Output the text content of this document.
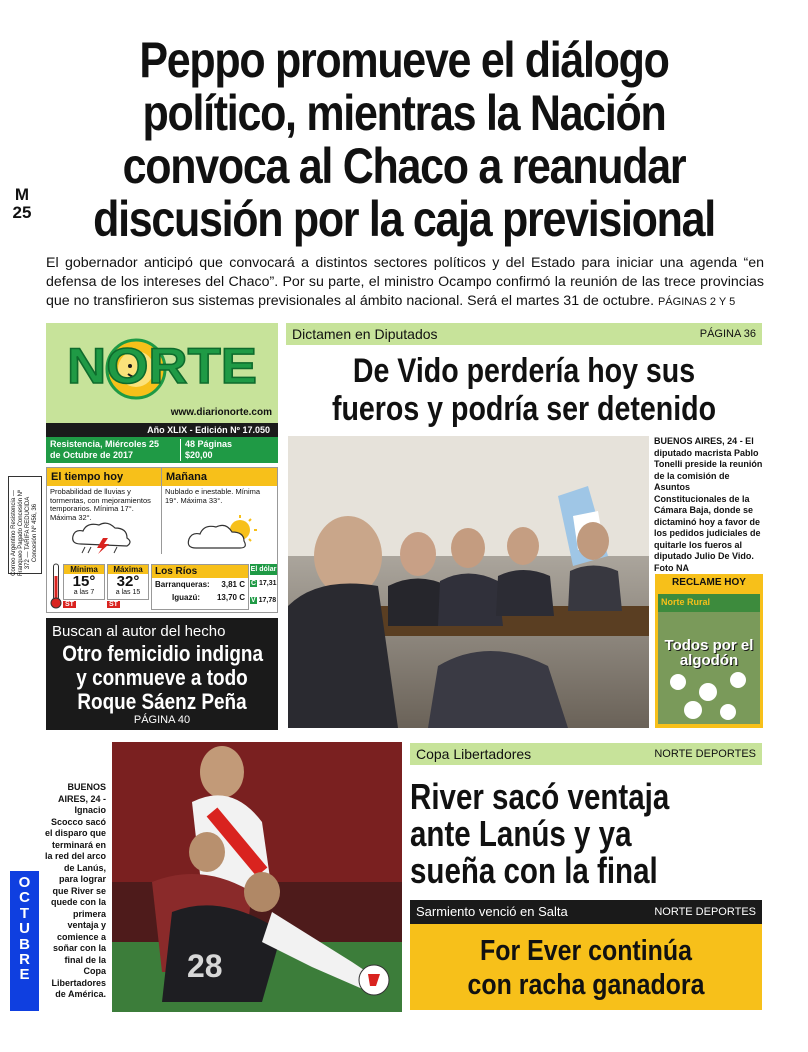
Peppo promueve el diálogo
político, mientras la Nación
convoca al Chaco a reanudar
discusión por la caja previsional
M
25
El gobernador anticipó que convocará a distintos sectores políticos y del Estado para iniciar una agenda “en defensa de los intereses del Chaco”. Por su parte, el ministro Ocampo confirmó la reunión de las trece provincias que no transfirieron sus sistemas previsionales al ámbito nacional. Será el martes 31 de octubre. PÁGINAS 2 Y 5
NORTE
www.diarionorte.com
Año XLIX - Edición Nº 17.050
Resistencia, Miércoles 25
de Octubre de 2017
48 Páginas
$20,00
Correo Argentino Resistencia — Franqueo Pagado Concesión Nº 372 — TARIFA REDUCIDA Concesión Nº 456, 36
El tiempo hoy
Probabilidad de lluvias y tormentas, con mejoramientos temporarios. Mínima 17°. Máxima 32°.
Mañana
Nublado e inestable. Mínima 19°. Máxima 33°.
Mínima
15°
a las 7
ST
Máxima
32°
a las 15
ST
Los Ríos
Barranqueras: 3,81 C
Iguazú: 13,70 C
El dólar
C 17,31
V 17,78
Buscan al autor del hecho
Otro femicidio indigna
y conmueve a todo
Roque Sáenz Peña
PÁGINA 40
Dictamen en Diputados	PÁGINA 36
De Vido perdería hoy sus
fueros y podría ser detenido
BUENOS AIRES, 24 - El diputado macrista Pablo Tonelli preside la reunión de la comisión de Asuntos Constitucionales de la Cámara Baja, donde se dictaminó hoy a favor de los pedidos judiciales de quitarle los fueros al diputado Julio De Vido. Foto NA
RECLAME HOY
Norte Rural
Todos por el algodón
28
BUENOS AIRES, 24 - Ignacio Scocco sacó el disparo que terminará en la red del arco de Lanús, para lograr que River se quede con la primera ventaja y comience a soñar con la final de la Copa Libertadores de América.
O
C
T
U
B
R
E
Copa Libertadores	NORTE DEPORTES
River sacó ventaja
ante Lanús y ya
sueña con la final
Sarmiento venció en Salta	NORTE DEPORTES
For Ever continúa
con racha ganadora
